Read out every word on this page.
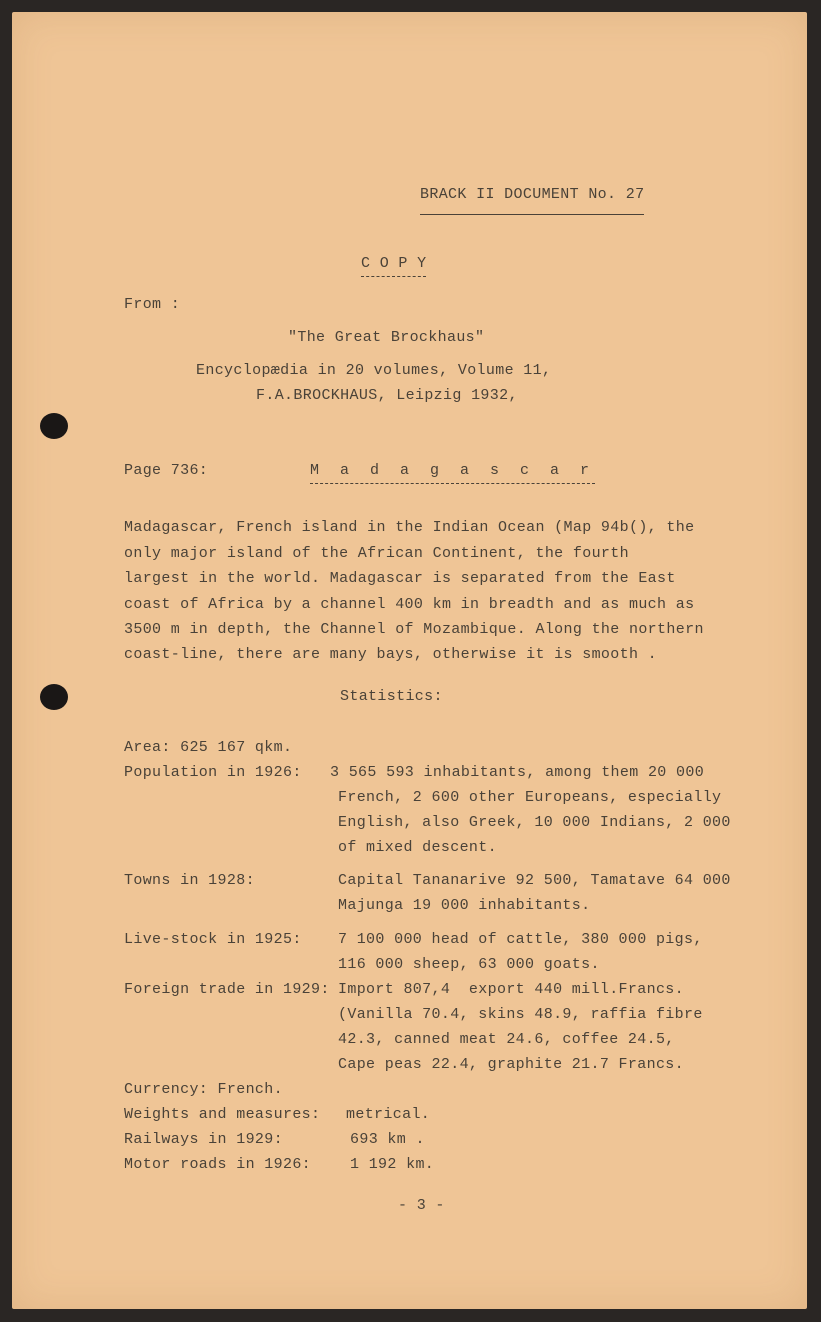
BRACK II DOCUMENT No. 27
C O P Y
From :
"The Great Brockhaus"
Encyclopædia in 20 volumes, Volume 11,
F.A.BROCKHAUS, Leipzig 1932,
Page 736:	M a d a g a s c a r
Madagascar, French island in the Indian Ocean (Map 94b(), the
only major island of the African Continent, the fourth
largest in the world. Madagascar is separated from the East
coast of Africa by a channel 400 km in breadth and as much as
3500 m in depth, the Channel of Mozambique. Along the northern
coast-line, there are many bays, otherwise it is smooth .
Statistics:
Area: 625 167 qkm.
Population in 1926: 3 565 593 inhabitants, among them 20 000
French, 2 600 other Europeans, especially
English, also Greek, 10 000 Indians, 2 000
of mixed descent.
Towns in 1928:	Capital Tananarive 92 500, Tamatave 64 000
Majunga 19 000 inhabitants.
Live-stock in 1925: 7 100 000 head of cattle, 380 000 pigs,
116 000 sheep, 63 000 goats.
Foreign trade in 1929: Import 807,4  export 440 mill.Francs.
(Vanilla 70.4, skins 48.9, raffia fibre
42.3, canned meat 24.6, coffee 24.5,
Cape peas 22.4, graphite 21.7 Francs.
Currency: French.
Weights and measures: metrical.
Railways in 1929:	693 km .
Motor roads in 1926:	1 192 km.
- 3 -
